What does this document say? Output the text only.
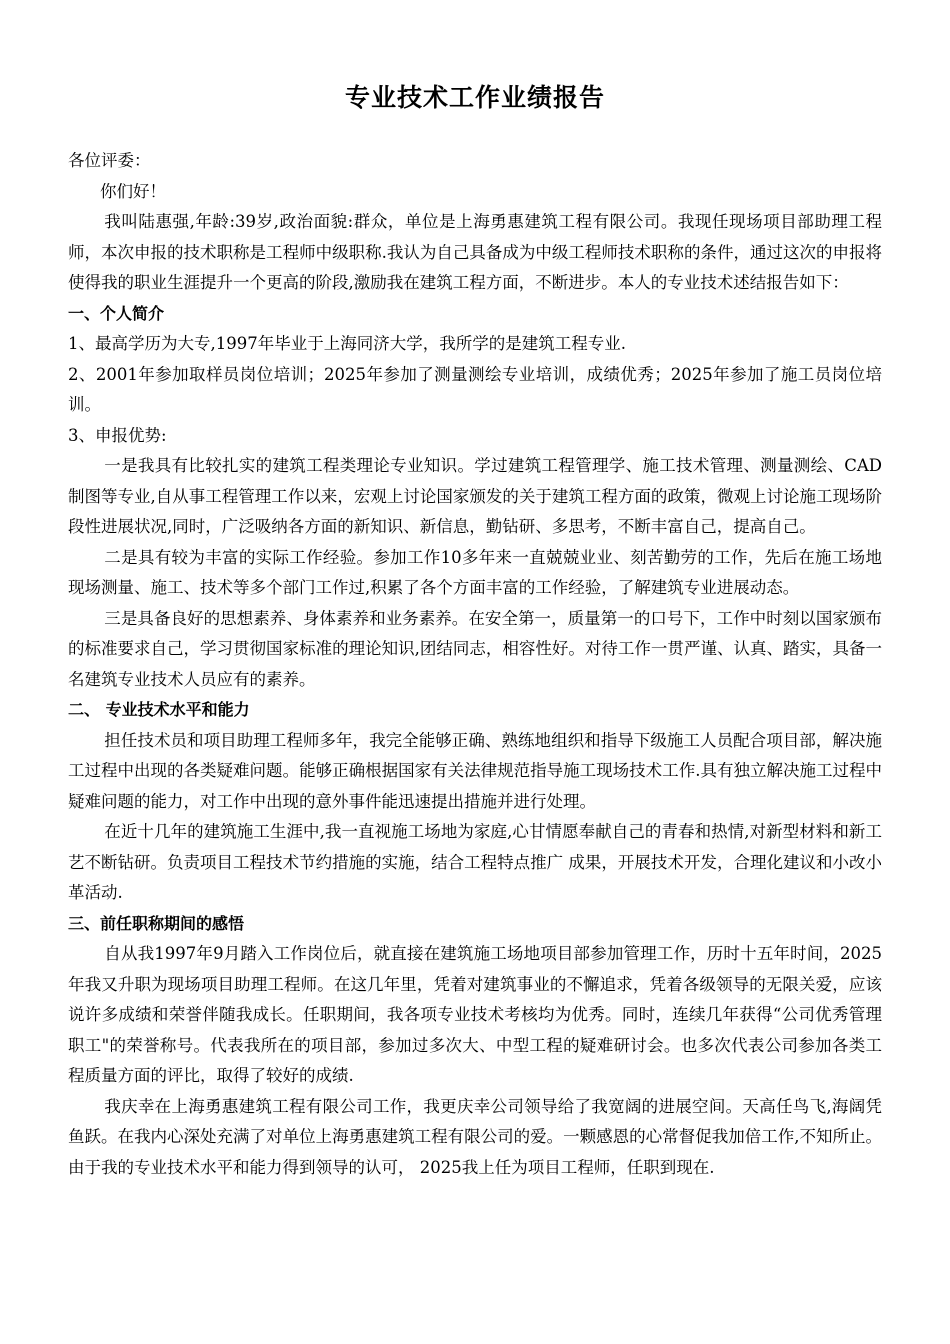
专业技术工作业绩报告

各位评委：

你们好！

我叫陆惠强,年龄:39岁,政治面貌:群众，单位是上海勇惠建筑工程有限公司。我现任现场项目部助理工程师，本次申报的技术职称是工程师中级职称.我认为自己具备成为中级工程师技术职称的条件，通过这次的申报将使得我的职业生涯提升一个更高的阶段,激励我在建筑工程方面，不断进步。本人的专业技术述结报告如下：

一、个人简介

1、最高学历为大专,1997年毕业于上海同济大学，我所学的是建筑工程专业.

2、2001年参加取样员岗位培训；2025年参加了测量测绘专业培训，成绩优秀；2025年参加了施工员岗位培训。

3、申报优势:

一是我具有比较扎实的建筑工程类理论专业知识。学过建筑工程管理学、施工技术管理、测量测绘、CAD制图等专业,自从事工程管理工作以来，宏观上讨论国家颁发的关于建筑工程方面的政策，微观上讨论施工现场阶段性进展状况,同时，广泛吸纳各方面的新知识、新信息，勤钻研、多思考，不断丰富自己，提高自己。

二是具有较为丰富的实际工作经验。参加工作10多年来一直兢兢业业、刻苦勤劳的工作，先后在施工场地现场测量、施工、技术等多个部门工作过,积累了各个方面丰富的工作经验，了解建筑专业进展动态。

三是具备良好的思想素养、身体素养和业务素养。在安全第一，质量第一的口号下，工作中时刻以国家颁布的标准要求自己，学习贯彻国家标准的理论知识,团结同志，相容性好。对待工作一贯严谨、认真、踏实，具备一名建筑专业技术人员应有的素养。

二、 专业技术水平和能力

担任技术员和项目助理工程师多年，我完全能够正确、熟练地组织和指导下级施工人员配合项目部，解决施工过程中出现的各类疑难问题。能够正确根据国家有关法律规范指导施工现场技术工作.具有独立解决施工过程中疑难问题的能力，对工作中出现的意外事件能迅速提出措施并进行处理。

在近十几年的建筑施工生涯中,我一直视施工场地为家庭,心甘情愿奉献自己的青春和热情,对新型材料和新工艺不断钻研。负责项目工程技术节约措施的实施，结合工程特点推广 成果，开展技术开发，合理化建议和小改小革活动.

三、前任职称期间的感悟

自从我1997年9月踏入工作岗位后，就直接在建筑施工场地项目部参加管理工作，历时十五年时间，2025年我又升职为现场项目助理工程师。在这几年里，凭着对建筑事业的不懈追求，凭着各级领导的无限关爱，应该说许多成绩和荣誉伴随我成长。任职期间，我各项专业技术考核均为优秀。同时，连续几年获得“公司优秀管理职工"的荣誉称号。代表我所在的项目部，参加过多次大、中型工程的疑难研讨会。也多次代表公司参加各类工程质量方面的评比，取得了较好的成绩.

我庆幸在上海勇惠建筑工程有限公司工作，我更庆幸公司领导给了我宽阔的进展空间。天高任鸟飞,海阔凭鱼跃。在我内心深处充满了对单位上海勇惠建筑工程有限公司的爱。一颗感恩的心常督促我加倍工作,不知所止。由于我的专业技术水平和能力得到领导的认可， 2025我上任为项目工程师，任职到现在.
